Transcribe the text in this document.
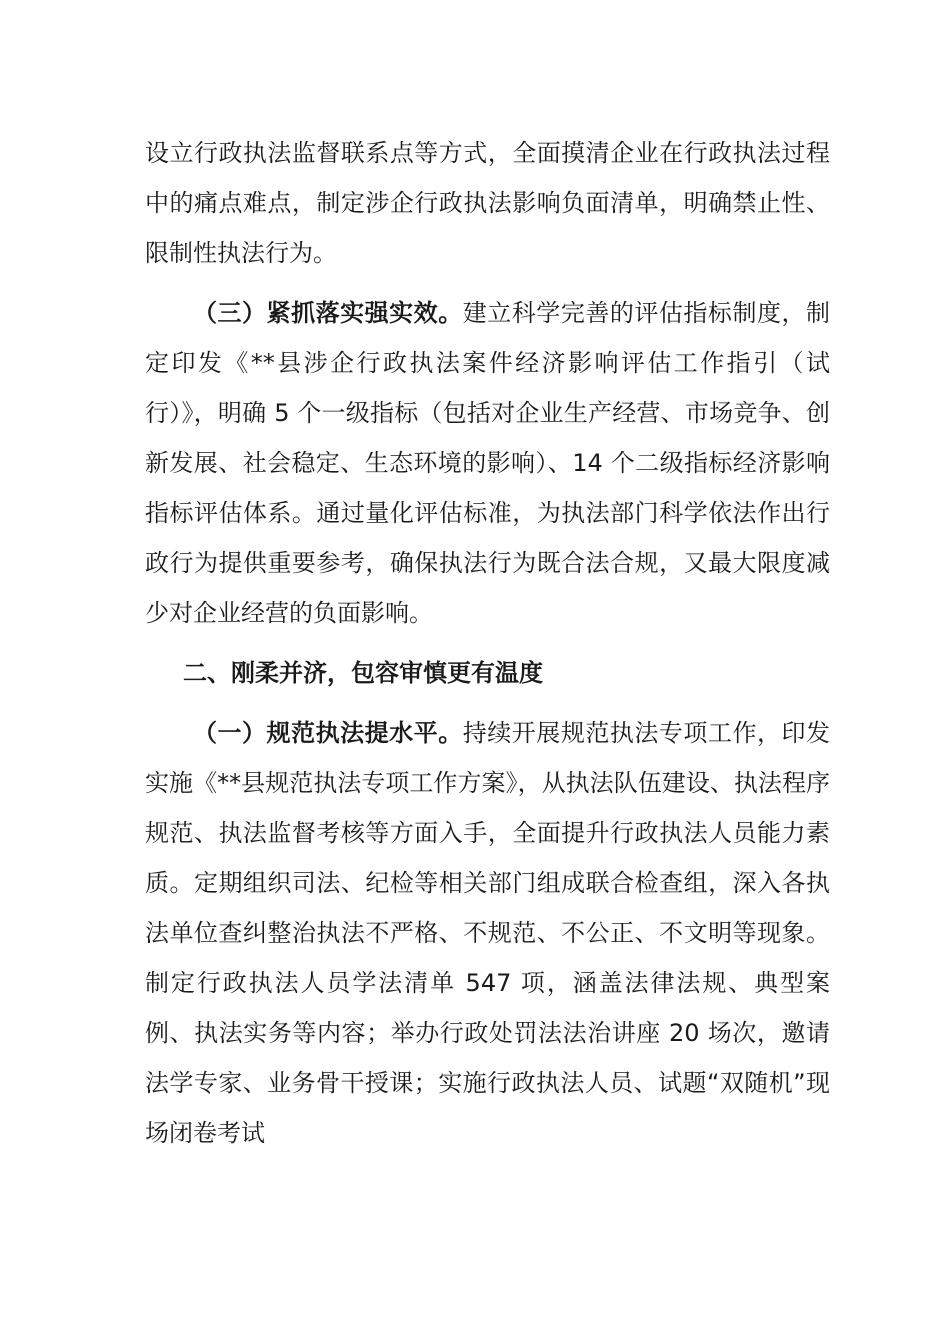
设立行政执法监督联系点等方式，全面摸清企业在行政执法过程中的痛点难点，制定涉企行政执法影响负面清单，明确禁止性、限制性执法行为。

（三）紧抓落实强实效。建立科学完善的评估指标制度，制定印发《**县涉企行政执法案件经济影响评估工作指引（试行）》，明确 5 个一级指标（包括对企业生产经营、市场竞争、创新发展、社会稳定、生态环境的影响）、14 个二级指标经济影响指标评估体系。通过量化评估标准，为执法部门科学依法作出行政行为提供重要参考，确保执法行为既合法合规，又最大限度减少对企业经营的负面影响。

二、刚柔并济，包容审慎更有温度

（一）规范执法提水平。持续开展规范执法专项工作，印发实施《**县规范执法专项工作方案》，从执法队伍建设、执法程序规范、执法监督考核等方面入手，全面提升行政执法人员能力素质。定期组织司法、纪检等相关部门组成联合检查组，深入各执法单位查纠整治执法不严格、不规范、不公正、不文明等现象。制定行政执法人员学法清单 547 项，涵盖法律法规、典型案例、执法实务等内容；举办行政处罚法法治讲座 20 场次，邀请法学专家、业务骨干授课；实施行政执法人员、试题“双随机”现场闭卷考试
